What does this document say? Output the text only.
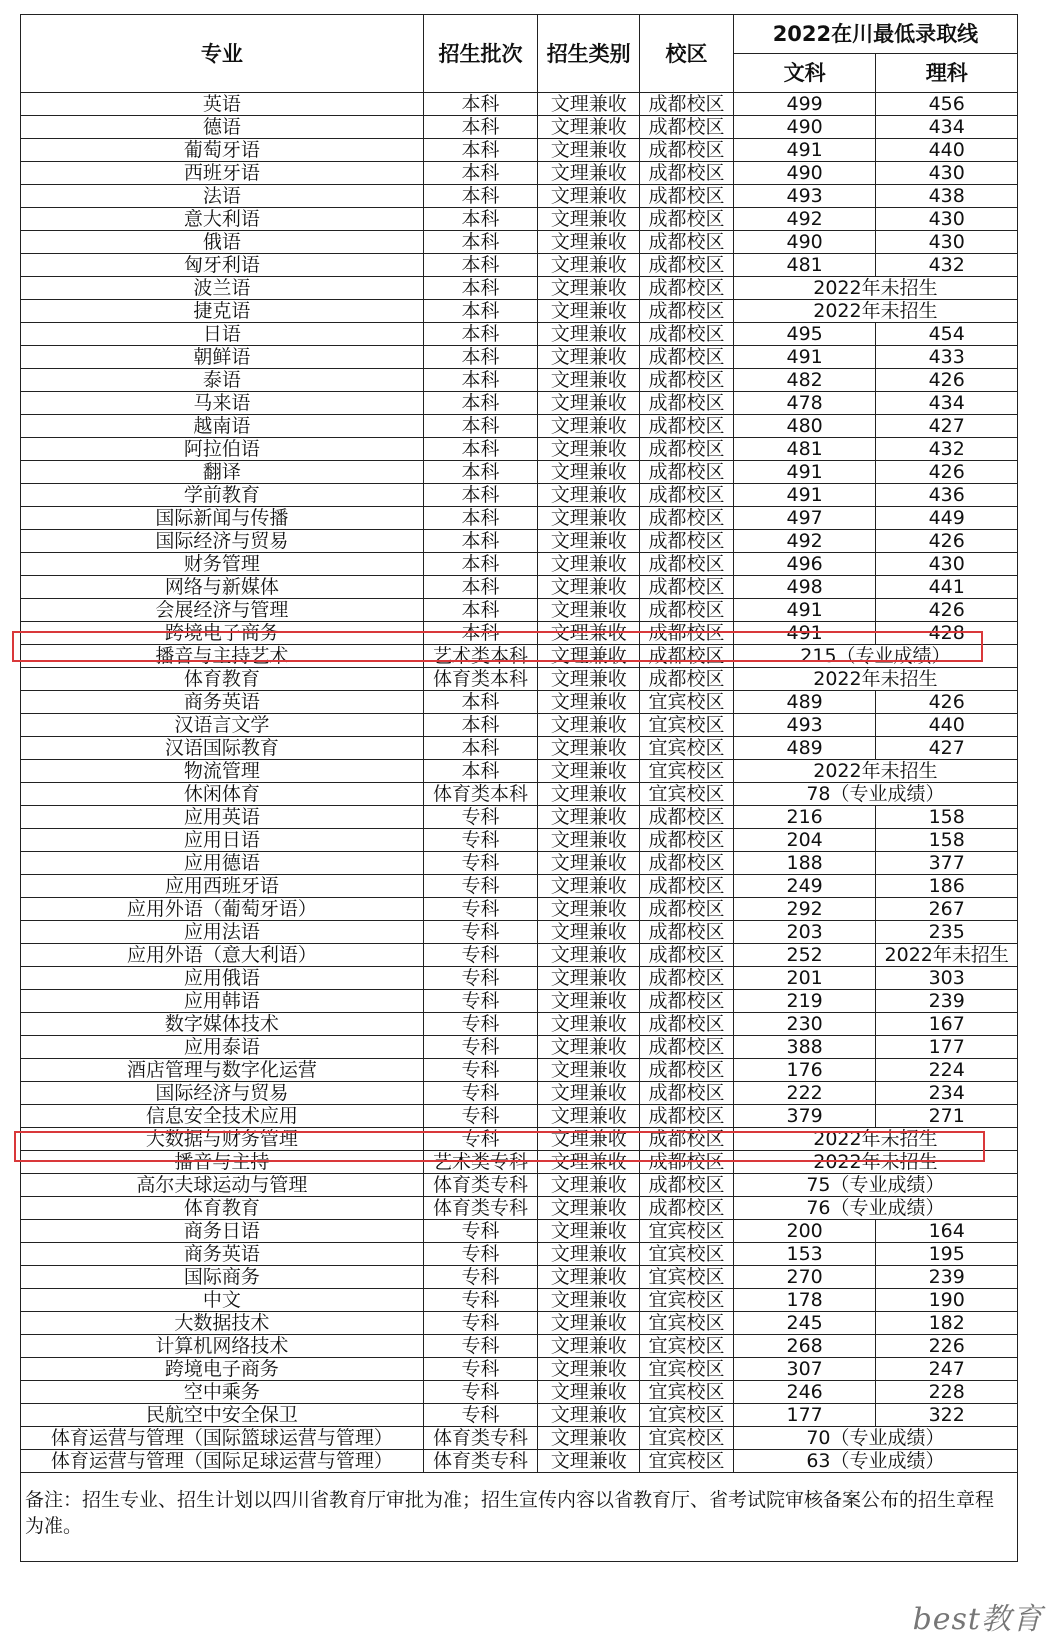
专业	招生批次	招生类别	校区	2022在川最低录取线	
				文科	理科
英语	本科	文理兼收	成都校区	499	456
德语	本科	文理兼收	成都校区	490	434
葡萄牙语	本科	文理兼收	成都校区	491	440
西班牙语	本科	文理兼收	成都校区	490	430
法语	本科	文理兼收	成都校区	493	438
意大利语	本科	文理兼收	成都校区	492	430
俄语	本科	文理兼收	成都校区	490	430
匈牙利语	本科	文理兼收	成都校区	481	432
波兰语	本科	文理兼收	成都校区	2022年未招生	
捷克语	本科	文理兼收	成都校区	2022年未招生	
日语	本科	文理兼收	成都校区	495	454
朝鲜语	本科	文理兼收	成都校区	491	433
泰语	本科	文理兼收	成都校区	482	426
马来语	本科	文理兼收	成都校区	478	434
越南语	本科	文理兼收	成都校区	480	427
阿拉伯语	本科	文理兼收	成都校区	481	432
翻译	本科	文理兼收	成都校区	491	426
学前教育	本科	文理兼收	成都校区	491	436
国际新闻与传播	本科	文理兼收	成都校区	497	449
国际经济与贸易	本科	文理兼收	成都校区	492	426
财务管理	本科	文理兼收	成都校区	496	430
网络与新媒体	本科	文理兼收	成都校区	498	441
会展经济与管理	本科	文理兼收	成都校区	491	426
跨境电子商务	本科	文理兼收	成都校区	491	428
播音与主持艺术	艺术类本科	文理兼收	成都校区	215（专业成绩）	
体育教育	体育类本科	文理兼收	成都校区	2022年未招生	
商务英语	本科	文理兼收	宜宾校区	489	426
汉语言文学	本科	文理兼收	宜宾校区	493	440
汉语国际教育	本科	文理兼收	宜宾校区	489	427
物流管理	本科	文理兼收	宜宾校区	2022年未招生	
休闲体育	体育类本科	文理兼收	宜宾校区	78（专业成绩）	
应用英语	专科	文理兼收	成都校区	216	158
应用日语	专科	文理兼收	成都校区	204	158
应用德语	专科	文理兼收	成都校区	188	377
应用西班牙语	专科	文理兼收	成都校区	249	186
应用外语（葡萄牙语）	专科	文理兼收	成都校区	292	267
应用法语	专科	文理兼收	成都校区	203	235
应用外语（意大利语）	专科	文理兼收	成都校区	252	2022年未招生
应用俄语	专科	文理兼收	成都校区	201	303
应用韩语	专科	文理兼收	成都校区	219	239
数字媒体技术	专科	文理兼收	成都校区	230	167
应用泰语	专科	文理兼收	成都校区	388	177
酒店管理与数字化运营	专科	文理兼收	成都校区	176	224
国际经济与贸易	专科	文理兼收	成都校区	222	234
信息安全技术应用	专科	文理兼收	成都校区	379	271
大数据与财务管理	专科	文理兼收	成都校区	2022年未招生	
播音与主持	艺术类专科	文理兼收	成都校区	2022年未招生	
高尔夫球运动与管理	体育类专科	文理兼收	成都校区	75（专业成绩）	
体育教育	体育类专科	文理兼收	成都校区	76（专业成绩）	
商务日语	专科	文理兼收	宜宾校区	200	164
商务英语	专科	文理兼收	宜宾校区	153	195
国际商务	专科	文理兼收	宜宾校区	270	239
中文	专科	文理兼收	宜宾校区	178	190
大数据技术	专科	文理兼收	宜宾校区	245	182
计算机网络技术	专科	文理兼收	宜宾校区	268	226
跨境电子商务	专科	文理兼收	宜宾校区	307	247
空中乘务	专科	文理兼收	宜宾校区	246	228
民航空中安全保卫	专科	文理兼收	宜宾校区	177	322
体育运营与管理（国际篮球运营与管理）	体育类专科	文理兼收	宜宾校区	70（专业成绩）	
体育运营与管理（国际足球运营与管理）	体育类专科	文理兼收	宜宾校区	63（专业成绩）	
备注：招生专业、招生计划以四川省教育厅审批为准；招生宣传内容以省教育厅、省考试院审核备案公布的招生章程为准。
best教育
